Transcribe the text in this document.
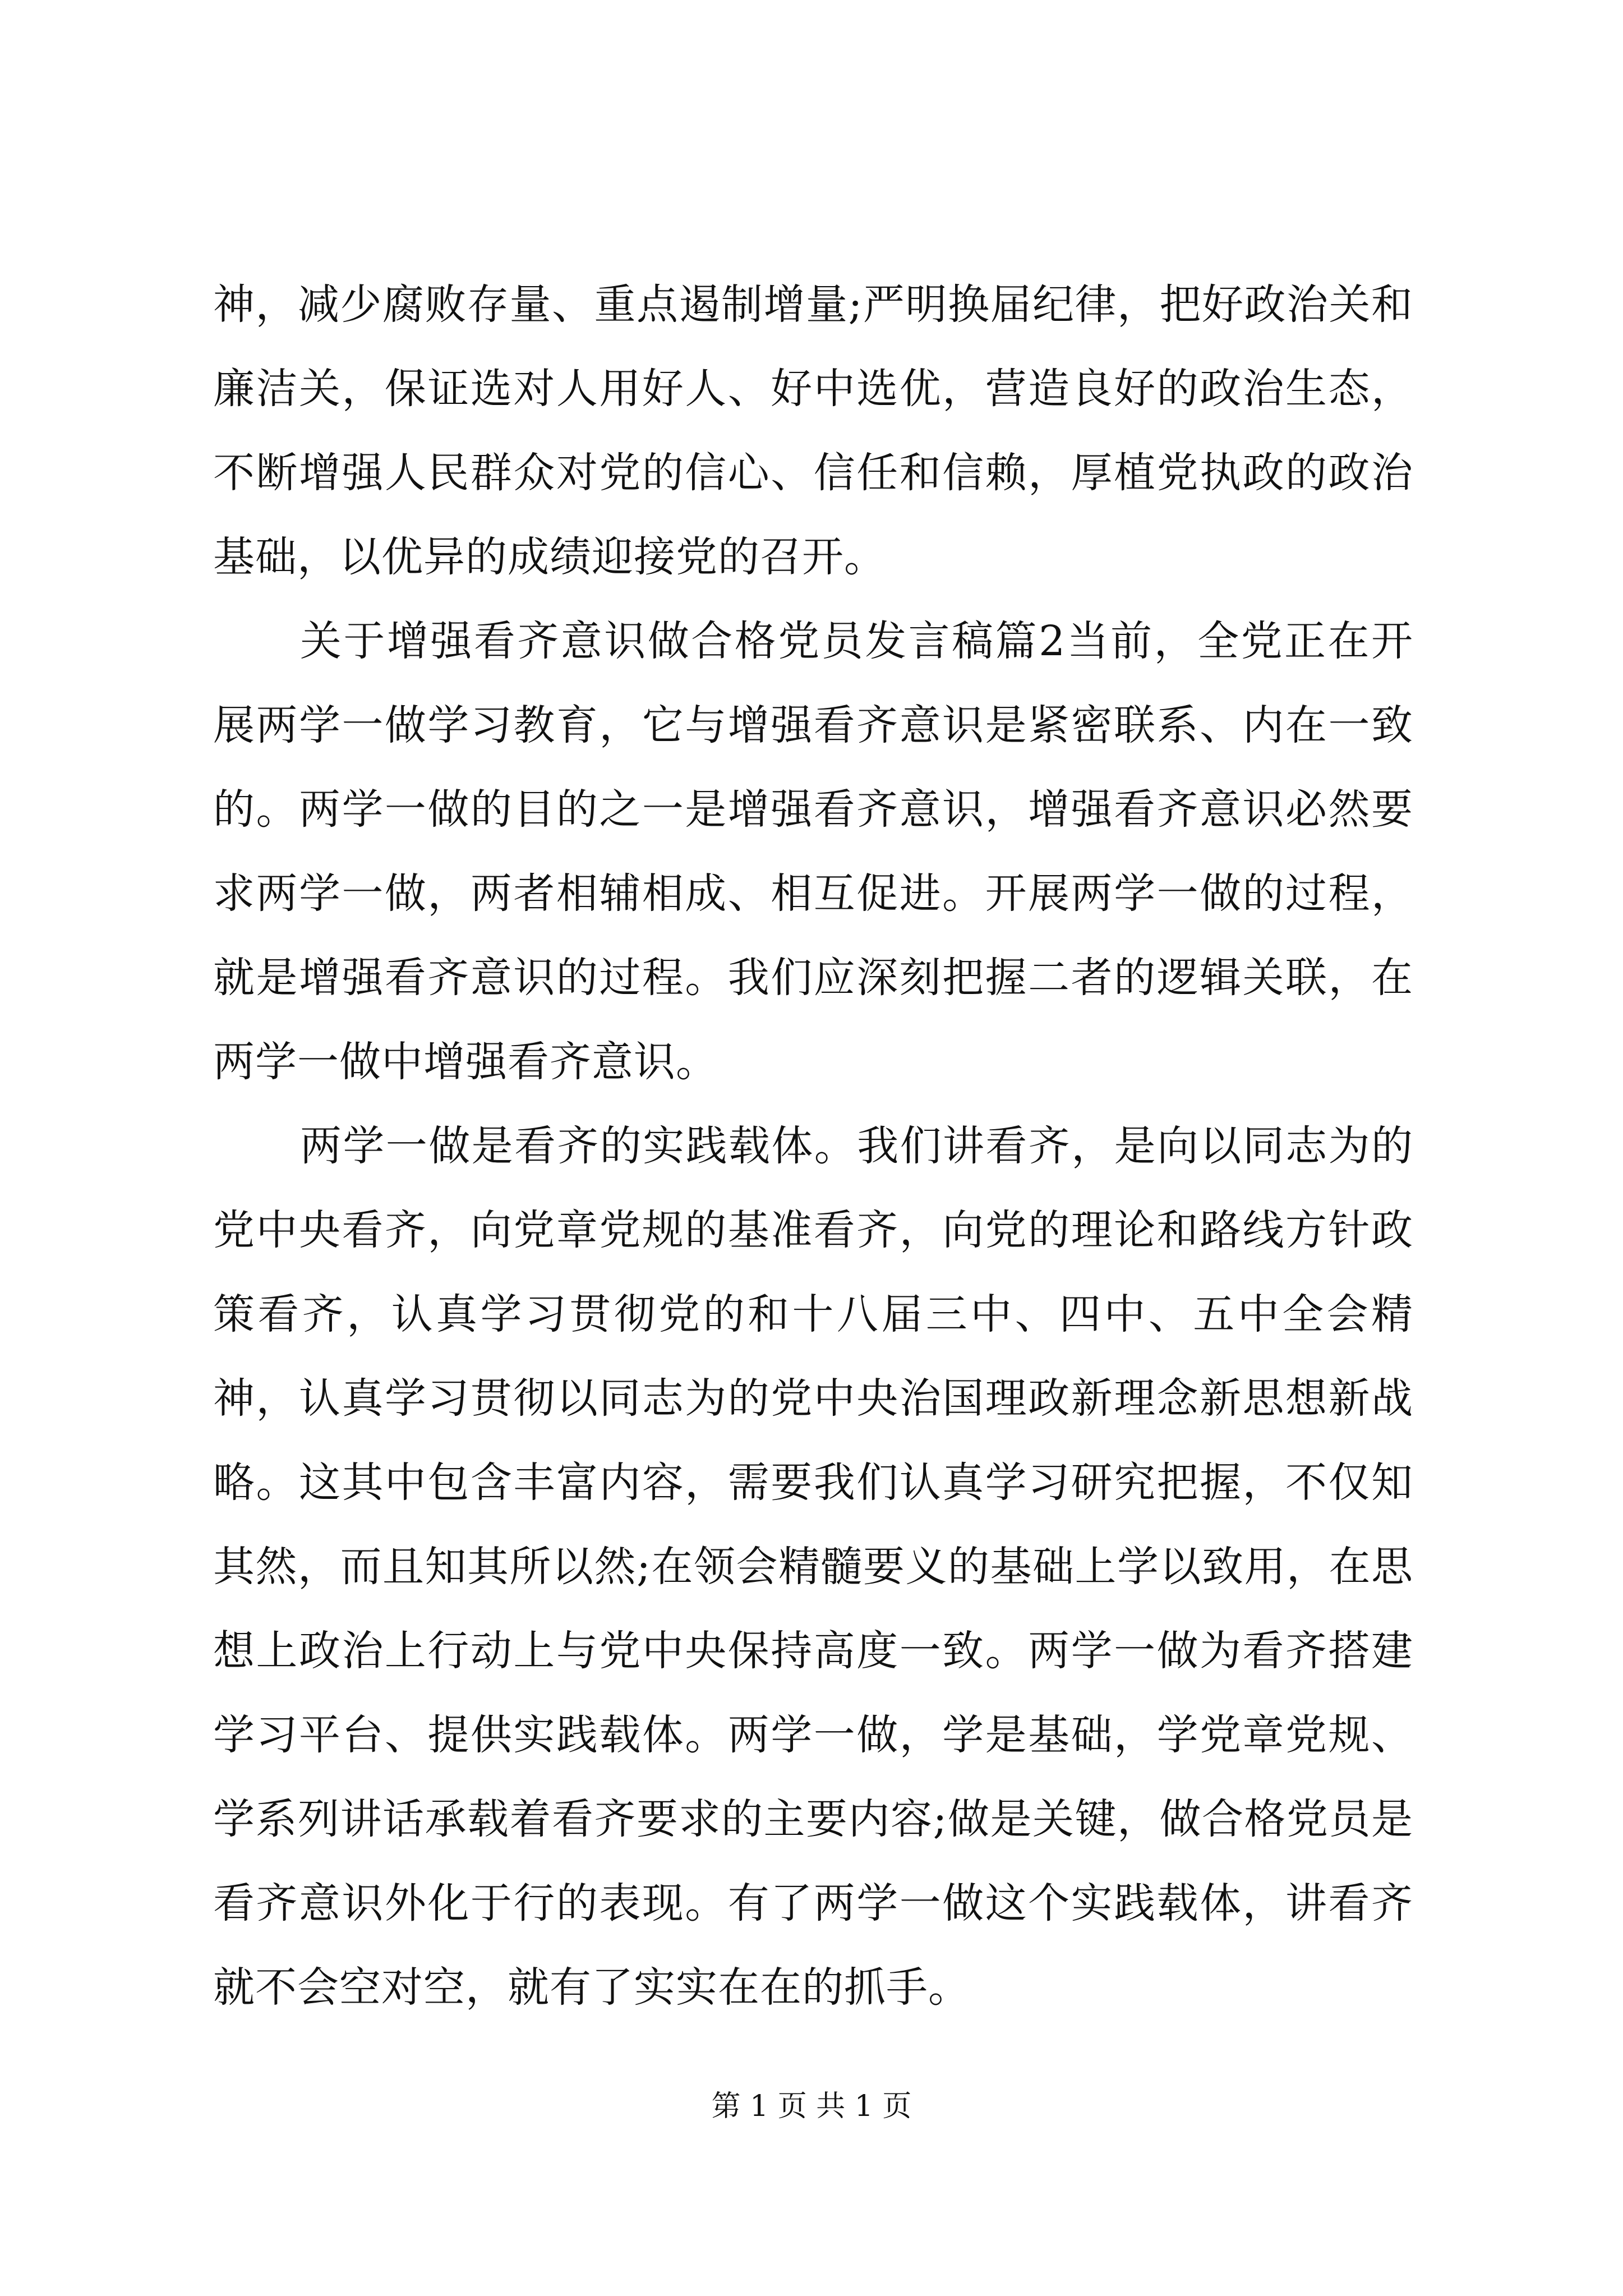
神，减少腐败存量、重点遏制增量;严明换届纪律，把好政治关和廉洁关，保证选对人用好人、好中选优，营造良好的政治生态，不断增强人民群众对党的信心、信任和信赖，厚植党执政的政治基础，以优异的成绩迎接党的召开。

关于增强看齐意识做合格党员发言稿篇2当前，全党正在开展两学一做学习教育，它与增强看齐意识是紧密联系、内在一致的。两学一做的目的之一是增强看齐意识，增强看齐意识必然要求两学一做，两者相辅相成、相互促进。开展两学一做的过程，就是增强看齐意识的过程。我们应深刻把握二者的逻辑关联，在两学一做中增强看齐意识。

两学一做是看齐的实践载体。我们讲看齐，是向以同志为的党中央看齐，向党章党规的基准看齐，向党的理论和路线方针政策看齐，认真学习贯彻党的和十八届三中、四中、五中全会精神，认真学习贯彻以同志为的党中央治国理政新理念新思想新战略。这其中包含丰富内容，需要我们认真学习研究把握，不仅知其然，而且知其所以然;在领会精髓要义的基础上学以致用，在思想上政治上行动上与党中央保持高度一致。两学一做为看齐搭建学习平台、提供实践载体。两学一做，学是基础，学党章党规、学系列讲话承载着看齐要求的主要内容;做是关键，做合格党员是看齐意识外化于行的表现。有了两学一做这个实践载体，讲看齐就不会空对空，就有了实实在在的抓手。

第 1 页 共 1 页
